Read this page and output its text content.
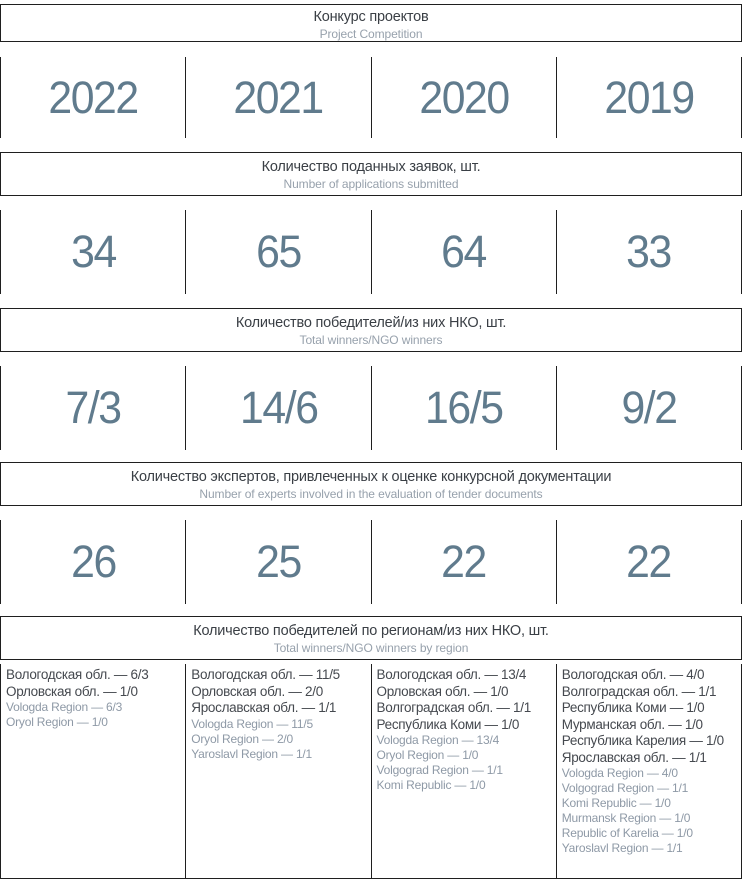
Конкурс проектов
Project Competition
2022 2021 2020 2019
Количество поданных заявок, шт.
Number of applications submitted
34	65	64	33
Количество победителей/из них НКО, шт.
Total winners/NGO winners
7/3	14/6 16/5	9/2
Количество экспертов, привлеченных к оценке конкурсной документации
Number of experts involved in the evaluation of tender documents
26	25	22	22
Количество победителей по регионам/из них НКО, шт.
Total winners/NGO winners by region
Вологодская обл. — 6/3
Орловская обл. — 1/0
Vologda Region — 6/3
Oryol Region — 1/0
Вологодская обл. — 11/5
Орловская обл. — 2/0
Ярославская обл. — 1/1
Vologda Region — 11/5
Oryol Region — 2/0
Yaroslavl Region — 1/1
Вологодская обл. — 13/4
Орловская обл. — 1/0
Волгоградская обл. — 1/1
Республика Коми — 1/0
Vologda Region — 13/4
Oryol Region — 1/0
Volgograd Region — 1/1
Komi Republic — 1/0
Вологодская обл. — 4/0
Волгоградская обл. — 1/1
Республика Коми — 1/0
Мурманская обл. — 1/0
Республика Карелия — 1/0
Ярославская обл. — 1/1
Vologda Region — 4/0
Volgograd Region — 1/1
Komi Republic — 1/0
Murmansk Region — 1/0
Republic of Karelia — 1/0
Yaroslavl Region — 1/1
